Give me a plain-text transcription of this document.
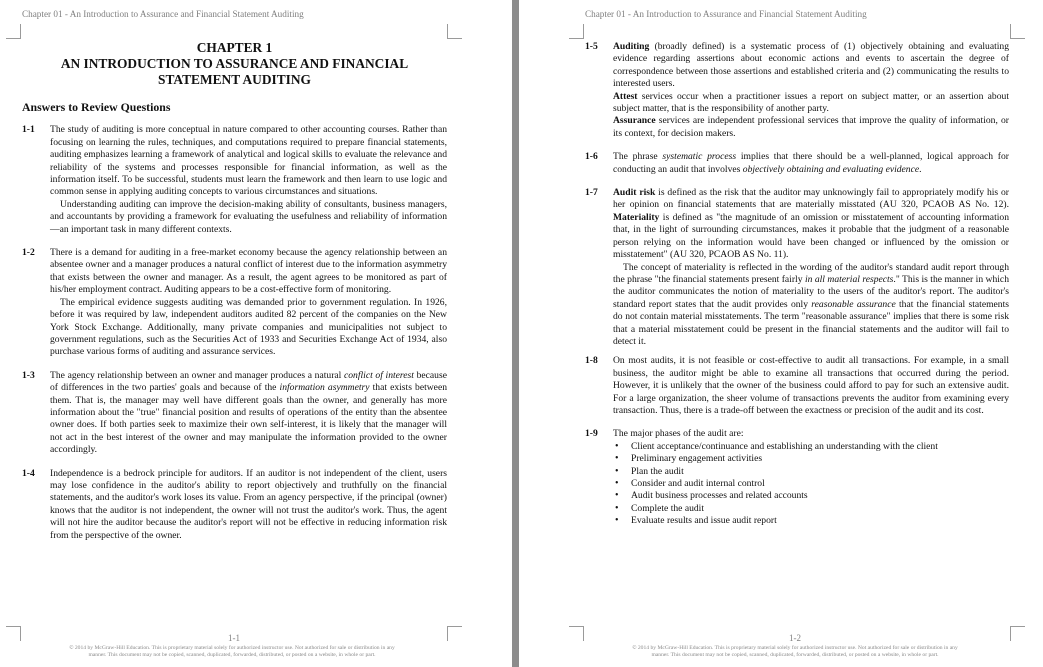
Chapter 01 - An Introduction to Assurance and Financial Statement Auditing
CHAPTER 1
AN INTRODUCTION TO ASSURANCE AND FINANCIAL
STATEMENT AUDITING
Answers to Review Questions
1-1	The study of auditing is more conceptual in nature compared to other accounting courses. Rather than focusing on learning the rules, techniques, and computations required to prepare financial statements, auditing emphasizes learning a framework of analytical and logical skills to evaluate the relevance and reliability of the systems and processes responsible for financial information, as well as the information itself. To be successful, students must learn the framework and then learn to use logic and common sense in applying auditing concepts to various circumstances and situations.

Understanding auditing can improve the decision-making ability of consultants, business managers, and accountants by providing a framework for evaluating the usefulness and reliability of information—an important task in many different contexts.

1-2	There is a demand for auditing in a free-market economy because the agency relationship between an absentee owner and a manager produces a natural conflict of interest due to the information asymmetry that exists between the owner and manager. As a result, the agent agrees to be monitored as part of his/her employment contract. Auditing appears to be a cost-effective form of monitoring.

The empirical evidence suggests auditing was demanded prior to government regulation. In 1926, before it was required by law, independent auditors audited 82 percent of the companies on the New York Stock Exchange. Additionally, many private companies and municipalities not subject to government regulations, such as the Securities Act of 1933 and Securities Exchange Act of 1934, also purchase various forms of auditing and assurance services.

1-3	The agency relationship between an owner and manager produces a natural conflict of interest because of differences in the two parties' goals and because of the information asymmetry that exists between them. That is, the manager may well have different goals than the owner, and generally has more information about the "true" financial position and results of operations of the entity than the absentee owner does. If both parties seek to maximize their own self-interest, it is likely that the manager will not act in the best interest of the owner and may manipulate the information provided to the owner accordingly.

1-4	Independence is a bedrock principle for auditors. If an auditor is not independent of the client, users may lose confidence in the auditor's ability to report objectively and truthfully on the financial statements, and the auditor's work loses its value. From an agency perspective, if the principal (owner) knows that the auditor is not independent, the owner will not trust the auditor's work. Thus, the agent will not hire the auditor because the auditor's report will not be effective in reducing information risk from the perspective of the owner.

1-1
© 2014 by McGraw-Hill Education. This is proprietary material solely for authorized instructor use. Not authorized for sale or distribution in any
manner. This document may not be copied, scanned, duplicated, forwarded, distributed, or posted on a website, in whole or part.
Chapter 01 - An Introduction to Assurance and Financial Statement Auditing
1-5	Auditing (broadly defined) is a systematic process of (1) objectively obtaining and evaluating evidence regarding assertions about economic actions and events to ascertain the degree of correspondence between those assertions and established criteria and (2) communicating the results to interested users.

Attest services occur when a practitioner issues a report on subject matter, or an assertion about subject matter, that is the responsibility of another party.

Assurance services are independent professional services that improve the quality of information, or its context, for decision makers.

1-6	The phrase systematic process implies that there should be a well-planned, logical approach for conducting an audit that involves objectively obtaining and evaluating evidence.

1-7	Audit risk is defined as the risk that the auditor may unknowingly fail to appropriately modify his or her opinion on financial statements that are materially misstated (AU 320, PCAOB AS No. 12). Materiality is defined as "the magnitude of an omission or misstatement of accounting information that, in the light of surrounding circumstances, makes it probable that the judgment of a reasonable person relying on the information would have been changed or influenced by the omission or misstatement" (AU 320, PCAOB AS No. 11).

The concept of materiality is reflected in the wording of the auditor's standard audit report through the phrase "the financial statements present fairly in all material respects." This is the manner in which the auditor communicates the notion of materiality to the users of the auditor's report. The auditor's standard report states that the audit provides only reasonable assurance that the financial statements do not contain material misstatements. The term "reasonable assurance" implies that there is some risk that a material misstatement could be present in the financial statements and the auditor will fail to detect it.

1-8	On most audits, it is not feasible or cost-effective to audit all transactions. For example, in a small business, the auditor might be able to examine all transactions that occurred during the period. However, it is unlikely that the owner of the business could afford to pay for such an extensive audit. For a large organization, the sheer volume of transactions prevents the auditor from examining every transaction. Thus, there is a trade-off between the exactness or precision of the audit and its cost.

1-9	The major phases of the audit are:

• Client acceptance/continuance and establishing an understanding with the client
• Preliminary engagement activities
• Plan the audit
• Consider and audit internal control
• Audit business processes and related accounts
• Complete the audit
• Evaluate results and issue audit report
1-2
© 2014 by McGraw-Hill Education. This is proprietary material solely for authorized instructor use. Not authorized for sale or distribution in any
manner. This document may not be copied, scanned, duplicated, forwarded, distributed, or posted on a website, in whole or part.
